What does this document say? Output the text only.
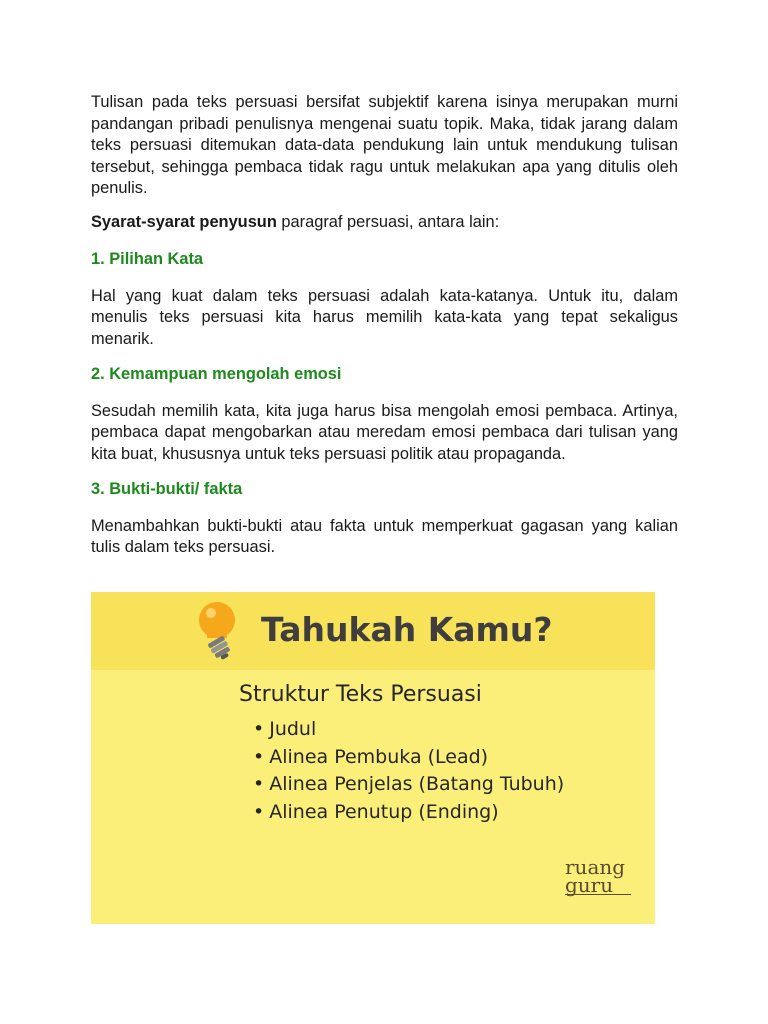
Tulisan pada teks persuasi bersifat subjektif karena isinya merupakan murni pandangan pribadi penulisnya mengenai suatu topik. Maka, tidak jarang dalam teks persuasi ditemukan data-data pendukung lain untuk mendukung tulisan tersebut, sehingga pembaca tidak ragu untuk melakukan apa yang ditulis oleh penulis.

Syarat-syarat penyusun paragraf persuasi, antara lain:

1. Pilihan Kata

Hal yang kuat dalam teks persuasi adalah kata-katanya. Untuk itu, dalam menulis teks persuasi kita harus memilih kata-kata yang tepat sekaligus menarik.

2. Kemampuan mengolah emosi

Sesudah memilih kata, kita juga harus bisa mengolah emosi pembaca. Artinya, pembaca dapat mengobarkan atau meredam emosi pembaca dari tulisan yang kita buat, khususnya untuk teks persuasi politik atau propaganda.

3. Bukti-bukti/ fakta

Menambahkan bukti-bukti atau fakta untuk memperkuat gagasan yang kalian tulis dalam teks persuasi.

Tahukah Kamu?
Struktur Teks Persuasi
• Judul
• Alinea Pembuka (Lead)
• Alinea Penjelas (Batang Tubuh)
• Alinea Penutup (Ending)
ruang
guru
